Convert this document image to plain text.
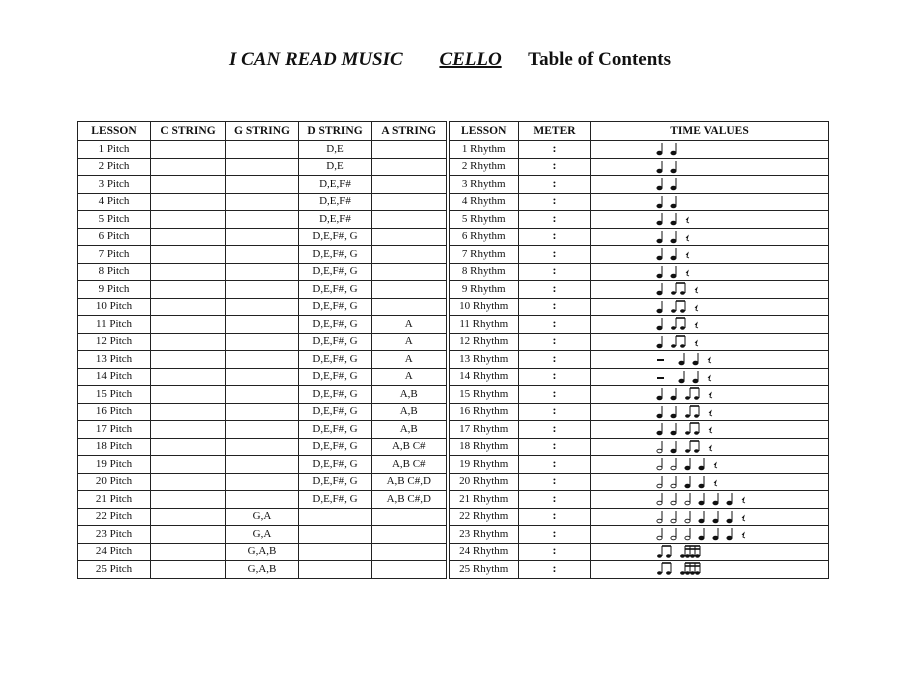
I CAN READ MUSIC CELLO Table of Contents
LESSON	C STRING	G STRING	D STRING	A STRING	LESSON	METER	TIME VALUES
1 Pitch			D,E		1 Rhythm	:	

2 Pitch			D,E		2 Rhythm	:	

3 Pitch			D,E,F#		3 Rhythm	:	

4 Pitch			D,E,F#		4 Rhythm	:	

5 Pitch			D,E,F#		5 Rhythm	:	

6 Pitch			D,E,F#, G		6 Rhythm	:	

7 Pitch			D,E,F#, G		7 Rhythm	:	

8 Pitch			D,E,F#, G		8 Rhythm	:	

9 Pitch			D,E,F#, G		9 Rhythm	:	

10 Pitch			D,E,F#, G		10 Rhythm	:	

11 Pitch			D,E,F#, G	A	11 Rhythm	:	

12 Pitch			D,E,F#, G	A	12 Rhythm	:	

13 Pitch			D,E,F#, G	A	13 Rhythm	:	

14 Pitch			D,E,F#, G	A	14 Rhythm	:	

15 Pitch			D,E,F#, G	A,B	15 Rhythm	:	

16 Pitch			D,E,F#, G	A,B	16 Rhythm	:	

17 Pitch			D,E,F#, G	A,B	17 Rhythm	:	

18 Pitch			D,E,F#, G	A,B C#	18 Rhythm	:	

19 Pitch			D,E,F#, G	A,B C#	19 Rhythm	:	

20 Pitch			D,E,F#, G	A,B C#,D	20 Rhythm	:	

21 Pitch			D,E,F#, G	A,B C#,D	21 Rhythm	:	

22 Pitch		G,A			22 Rhythm	:	

23 Pitch		G,A			23 Rhythm	:	

24 Pitch		G,A,B			24 Rhythm	:	

25 Pitch		G,A,B			25 Rhythm	:	
